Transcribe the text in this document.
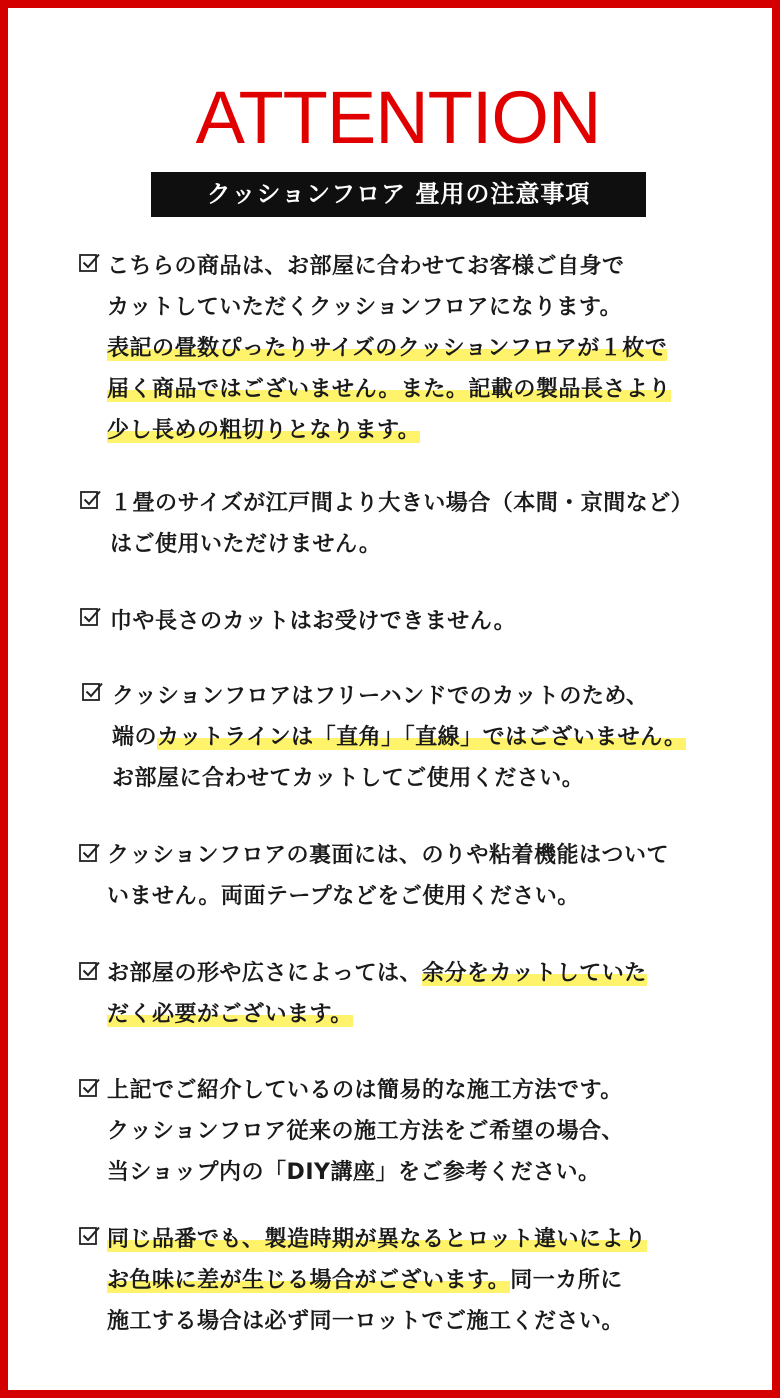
ATTENTION
クッションフロア 畳用の注意事項
こちらの商品は、お部屋に合わせてお客様ご自身で
カットしていただくクッションフロアになります。
表記の畳数ぴったりサイズのクッションフロアが１枚で
届く商品ではございません。また。記載の製品長さより
少し長めの粗切りとなります。
１畳のサイズが江戸間より大きい場合（本間・京間など）
はご使用いただけません。
巾や長さのカットはお受けできません。
クッションフロアはフリーハンドでのカットのため、
端のカットラインは「直角」「直線」ではございません。
お部屋に合わせてカットしてご使用ください。
クッションフロアの裏面には、のりや粘着機能はついて
いません。両面テープなどをご使用ください。
お部屋の形や広さによっては、余分をカットしていた
だく必要がございます。
上記でご紹介しているのは簡易的な施工方法です。
クッションフロア従来の施工方法をご希望の場合、
当ショップ内の「DIY講座」をご参考ください。
同じ品番でも、製造時期が異なるとロット違いにより
お色味に差が生じる場合がございます。同一カ所に
施工する場合は必ず同一ロットでご施工ください。
